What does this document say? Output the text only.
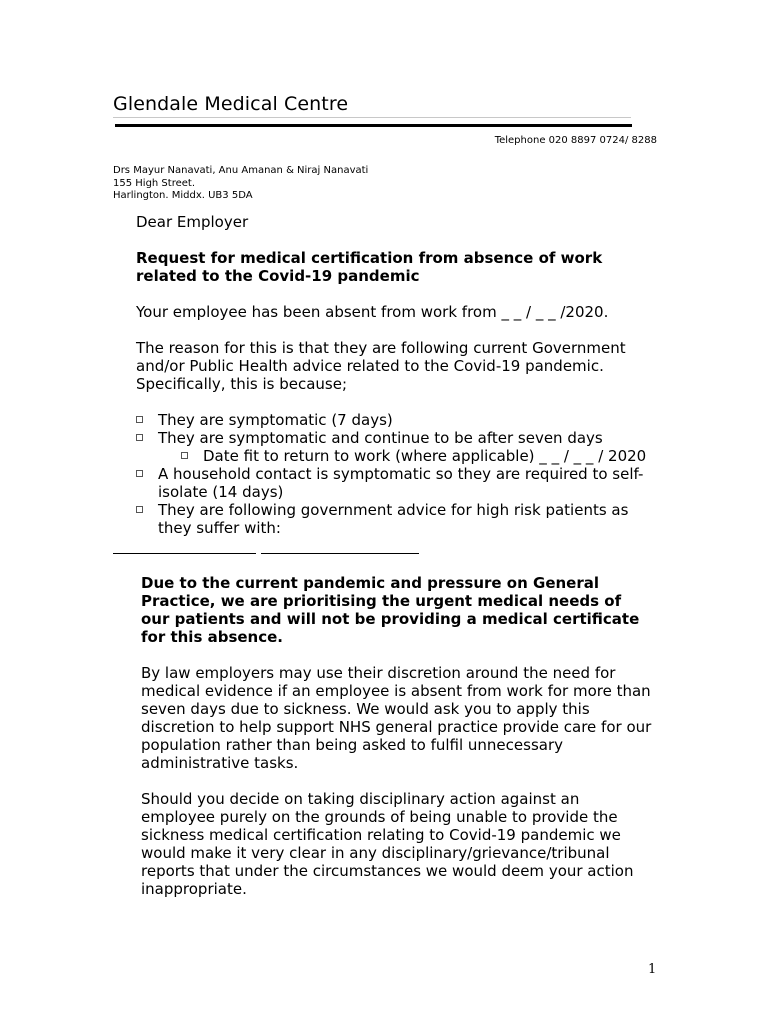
Glendale Medical Centre
Telephone 020 8897 0724/ 8288
Drs Mayur Nanavati, Anu Amanan & Niraj Nanavati
155 High Street.
Harlington. Middx. UB3 5DA
Dear Employer
Request for medical certification from absence of work
related to the Covid-19 pandemic
Your employee has been absent from work from _ _ / _ _ /2020.
The reason for this is that they are following current Government
and/or Public Health advice related to the Covid-19 pandemic.
Specifically, this is because;
They are symptomatic (7 days)
They are symptomatic and continue to be after seven days
Date fit to return to work (where applicable) _ _ / _ _ / 2020
A household contact is symptomatic so they are required to self-
isolate (14 days)
They are following government advice for high risk patients as
they suffer with:
Due to the current pandemic and pressure on General
Practice, we are prioritising the urgent medical needs of
our patients and will not be providing a medical certificate
for this absence.
By law employers may use their discretion around the need for
medical evidence if an employee is absent from work for more than
seven days due to sickness. We would ask you to apply this
discretion to help support NHS general practice provide care for our
population rather than being asked to fulfil unnecessary
administrative tasks.
Should you decide on taking disciplinary action against an
employee purely on the grounds of being unable to provide the
sickness medical certification relating to Covid-19 pandemic we
would make it very clear in any disciplinary/grievance/tribunal
reports that under the circumstances we would deem your action
inappropriate.
1
